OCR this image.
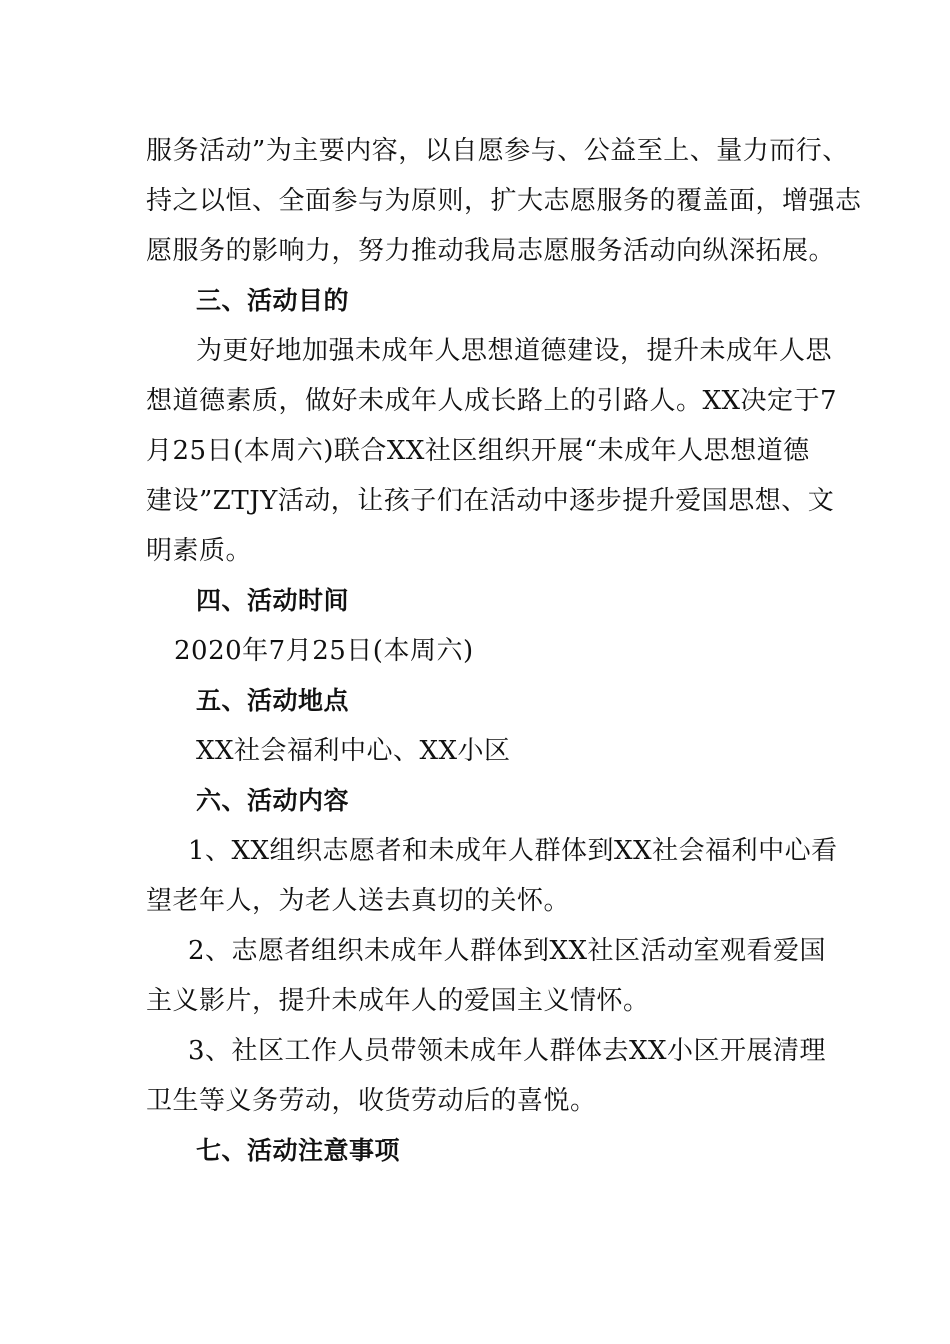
服务活动”为主要内容，以自愿参与、公益至上、量力而行、
持之以恒、全面参与为原则，扩大志愿服务的覆盖面，增强志
愿服务的影响力，努力推动我局志愿服务活动向纵深拓展。
三、活动目的
为更好地加强未成年人思想道德建设，提升未成年人思
想道德素质，做好未成年人成长路上的引路人。XX决定于7
月25日(本周六)联合XX社区组织开展“未成年人思想道德
建设”ZTJY活动，让孩子们在活动中逐步提升爱国思想、文
明素质。
四、活动时间
2020年7月25日(本周六)
五、活动地点
XX社会福利中心、XX小区
六、活动内容
1、XX组织志愿者和未成年人群体到XX社会福利中心看
望老年人，为老人送去真切的关怀。
2、志愿者组织未成年人群体到XX社区活动室观看爱国
主义影片，提升未成年人的爱国主义情怀。
3、社区工作人员带领未成年人群体去XX小区开展清理
卫生等义务劳动，收货劳动后的喜悦。
七、活动注意事项
